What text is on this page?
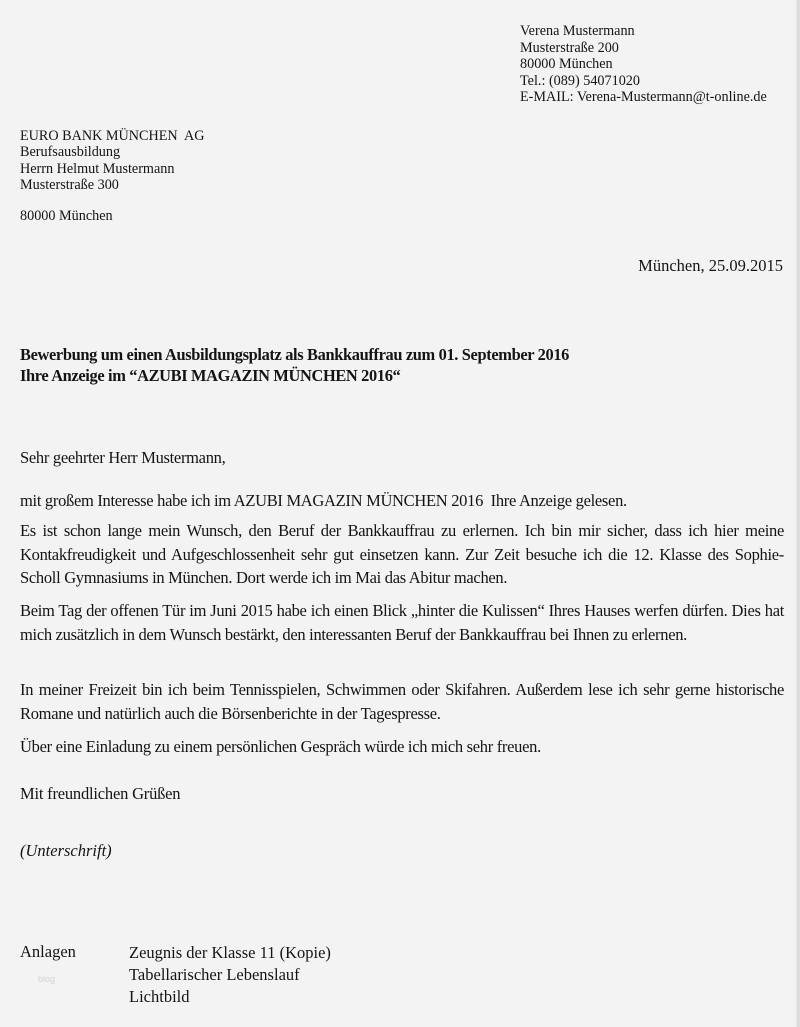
Verena Mustermann
Musterstraße 200
80000 München
Tel.: (089) 54071020
E-MAIL: Verena-Mustermann@t-online.de
EURO BANK MÜNCHEN  AG
Berufsausbildung
Herrn Helmut Mustermann
Musterstraße 300
80000 München
München, 25.09.2015
Bewerbung um einen Ausbildungsplatz als Bankkauffrau zum 01. September 2016
Ihre Anzeige im “AZUBI MAGAZIN MÜNCHEN 2016“
Sehr geehrter Herr Mustermann,
mit großem Interesse habe ich im AZUBI MAGAZIN MÜNCHEN 2016  Ihre Anzeige gelesen.
Es ist schon lange mein Wunsch, den Beruf der Bankkauffrau zu erlernen. Ich bin mir sicher, dass ich hier meine Kontakfreudigkeit und Aufgeschlossenheit sehr gut einsetzen kann. Zur Zeit besuche ich die 12. Klasse des Sophie-Scholl Gymnasiums in München. Dort werde ich im Mai das Abitur machen.
Beim Tag der offenen Tür im Juni 2015 habe ich einen Blick „hinter die Kulissen“ Ihres Hauses werfen dürfen. Dies hat mich zusätzlich in dem Wunsch bestärkt, den interessanten Beruf der Bankkauffrau bei Ihnen zu erlernen.
In meiner Freizeit bin ich beim Tennisspielen, Schwimmen oder Skifahren. Außerdem lese ich sehr gerne historische Romane und natürlich auch die Börsenberichte in der Tagespresse.
Über eine Einladung zu einem persönlichen Gespräch würde ich mich sehr freuen.
Mit freundlichen Grüßen
(Unterschrift)
Anlagen	Zeugnis der Klasse 11 (Kopie)
Tabellarischer Lebenslauf
Lichtbild
blog
